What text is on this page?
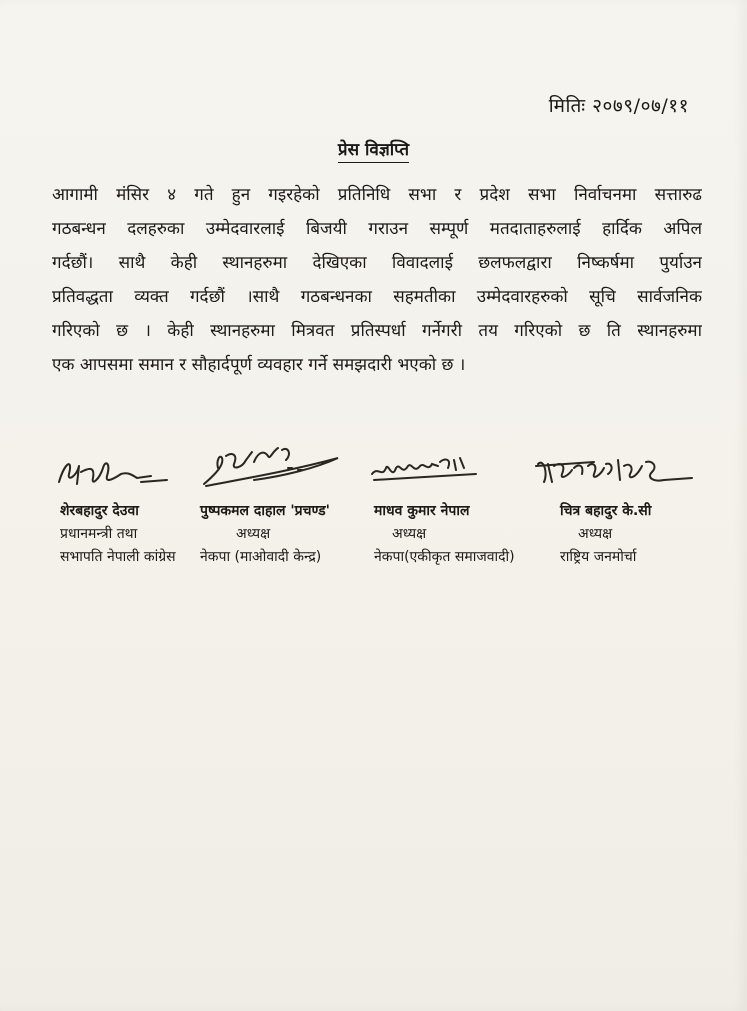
मितिः २०७९/०७/११
प्रेस विज्ञप्ति
आगामी मंसिर ४ गते हुन गइरहेको प्रतिनिधि सभा र प्रदेश सभा निर्वाचनमा सत्तारुढ
गठबन्धन दलहरुका उम्मेदवारलाई बिजयी गराउन सम्पूर्ण मतदाताहरुलाई हार्दिक अपिल
गर्दछौं। साथै केही स्थानहरुमा देखिएका विवादलाई छलफलद्वारा निष्कर्षमा पुर्याउन
प्रतिवद्धता व्यक्त गर्दछौं ।साथै गठबन्धनका सहमतीका उम्मेदवारहरुको सूचि सार्वजनिक
गरिएको छ । केही स्थानहरुमा मित्रवत प्रतिस्पर्धा गर्नेगरी तय गरिएको छ ति स्थानहरुमा
एक आपसमा समान र सौहार्दपूर्ण व्यवहार गर्ने समझदारी भएको छ ।
शेरबहादुर देउवा
प्रधानमन्त्री तथा
सभापति नेपाली कांग्रेस
पुष्पकमल दाहाल 'प्रचण्ड'
अध्यक्ष
नेकपा (माओवादी केन्द्र)
माधव कुमार नेपाल
अध्यक्ष
नेकपा(एकीकृत समाजवादी)
चित्र बहादुर के.सी
अध्यक्ष
राष्ट्रिय जनमोर्चा
